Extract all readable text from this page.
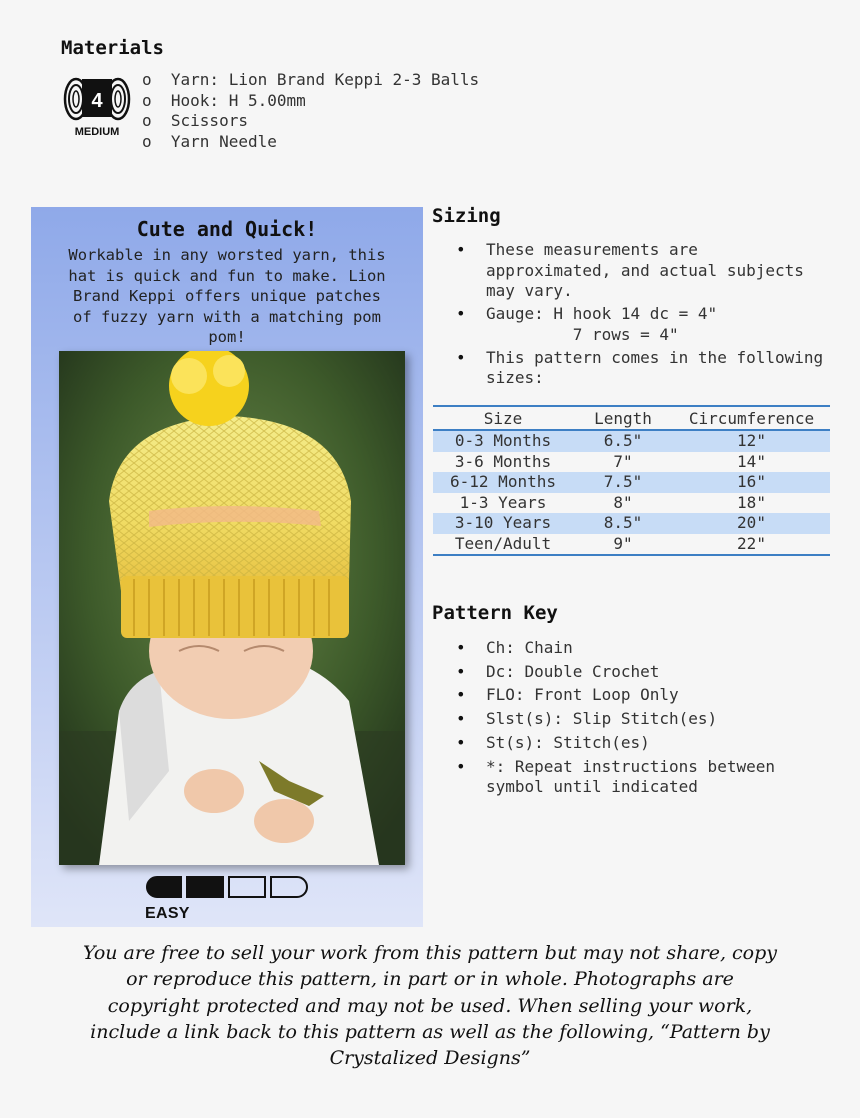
Materials
4
MEDIUM
o  Yarn: Lion Brand Keppi 2-3 Balls
o  Hook: H 5.00mm
o  Scissors
o  Yarn Needle
Cute and Quick!
Workable in any worsted yarn, this hat is quick and fun to make. Lion Brand Keppi offers unique patches of fuzzy yarn with a matching pom pom!
EASY
Sizing
• These measurements are approximated, and actual subjects may vary.
• Gauge: H hook 14 dc = 4"
7 rows = 4"
• This pattern comes in the following sizes:
Size	Length	Circumference
0-3 Months	6.5"	12"
3-6 Months	7"	14"
6-12 Months	7.5"	16"
1-3 Years	8"	18"
3-10 Years	8.5"	20"
Teen/Adult	9"	22"
Pattern Key
• Ch: Chain
• Dc: Double Crochet
• FLO: Front Loop Only
• Slst(s): Slip Stitch(es)
• St(s): Stitch(es)
• *: Repeat instructions between symbol until indicated
You are free to sell your work from this pattern but may not share, copy or reproduce this pattern, in part or in whole. Photographs are copyright protected and may not be used. When selling your work, include a link back to this pattern as well as the following, “Pattern by Crystalized Designs”
